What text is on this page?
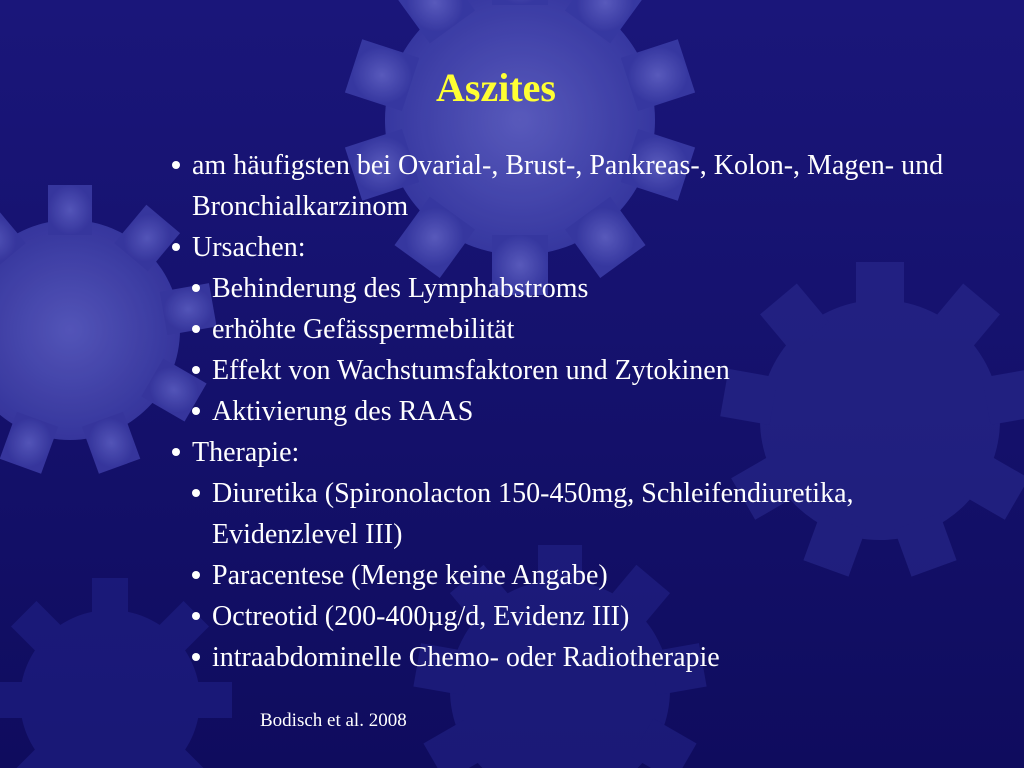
Aszites
am häufigsten bei Ovarial-, Brust-, Pankreas-, Kolon-, Magen- und Bronchialkarzinom
Ursachen:
Behinderung des Lymphabstroms
erhöhte Gefässpermebilität
Effekt von Wachstumsfaktoren und Zytokinen
Aktivierung des RAAS
Therapie:
Diuretika (Spironolacton 150-450mg, Schleifendiuretika, Evidenzlevel III)
Paracentese (Menge keine Angabe)
Octreotid (200-400µg/d, Evidenz III)
intraabdominelle Chemo- oder Radiotherapie
Bodisch et al. 2008
